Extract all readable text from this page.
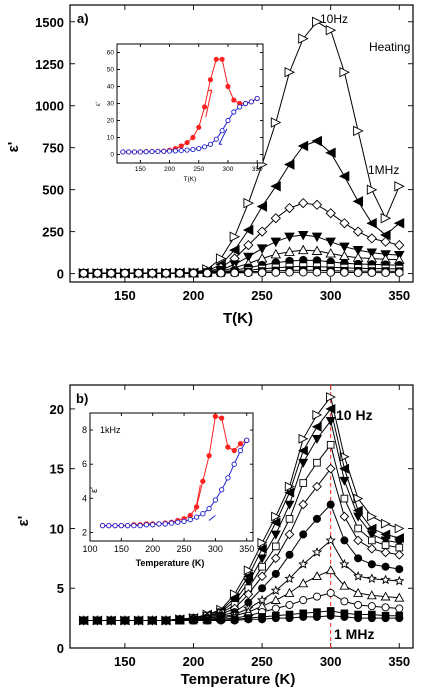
150	200	250	300	350
0
250
500
750
1000
1250
1500 a)	10Hz
Heating
1MHz
T(K)
ε'
150	200	250	300	350
0
10
20
30
40
50
60
T(K)
ε'
150	200	250	300	350
0
5
10
15
20
b)
10 Hz
1 MHz
Temperature (K)
ε'
100 150 200 250 300 350
2
4
6
8 1kHz
Temperature (K)
ε'
